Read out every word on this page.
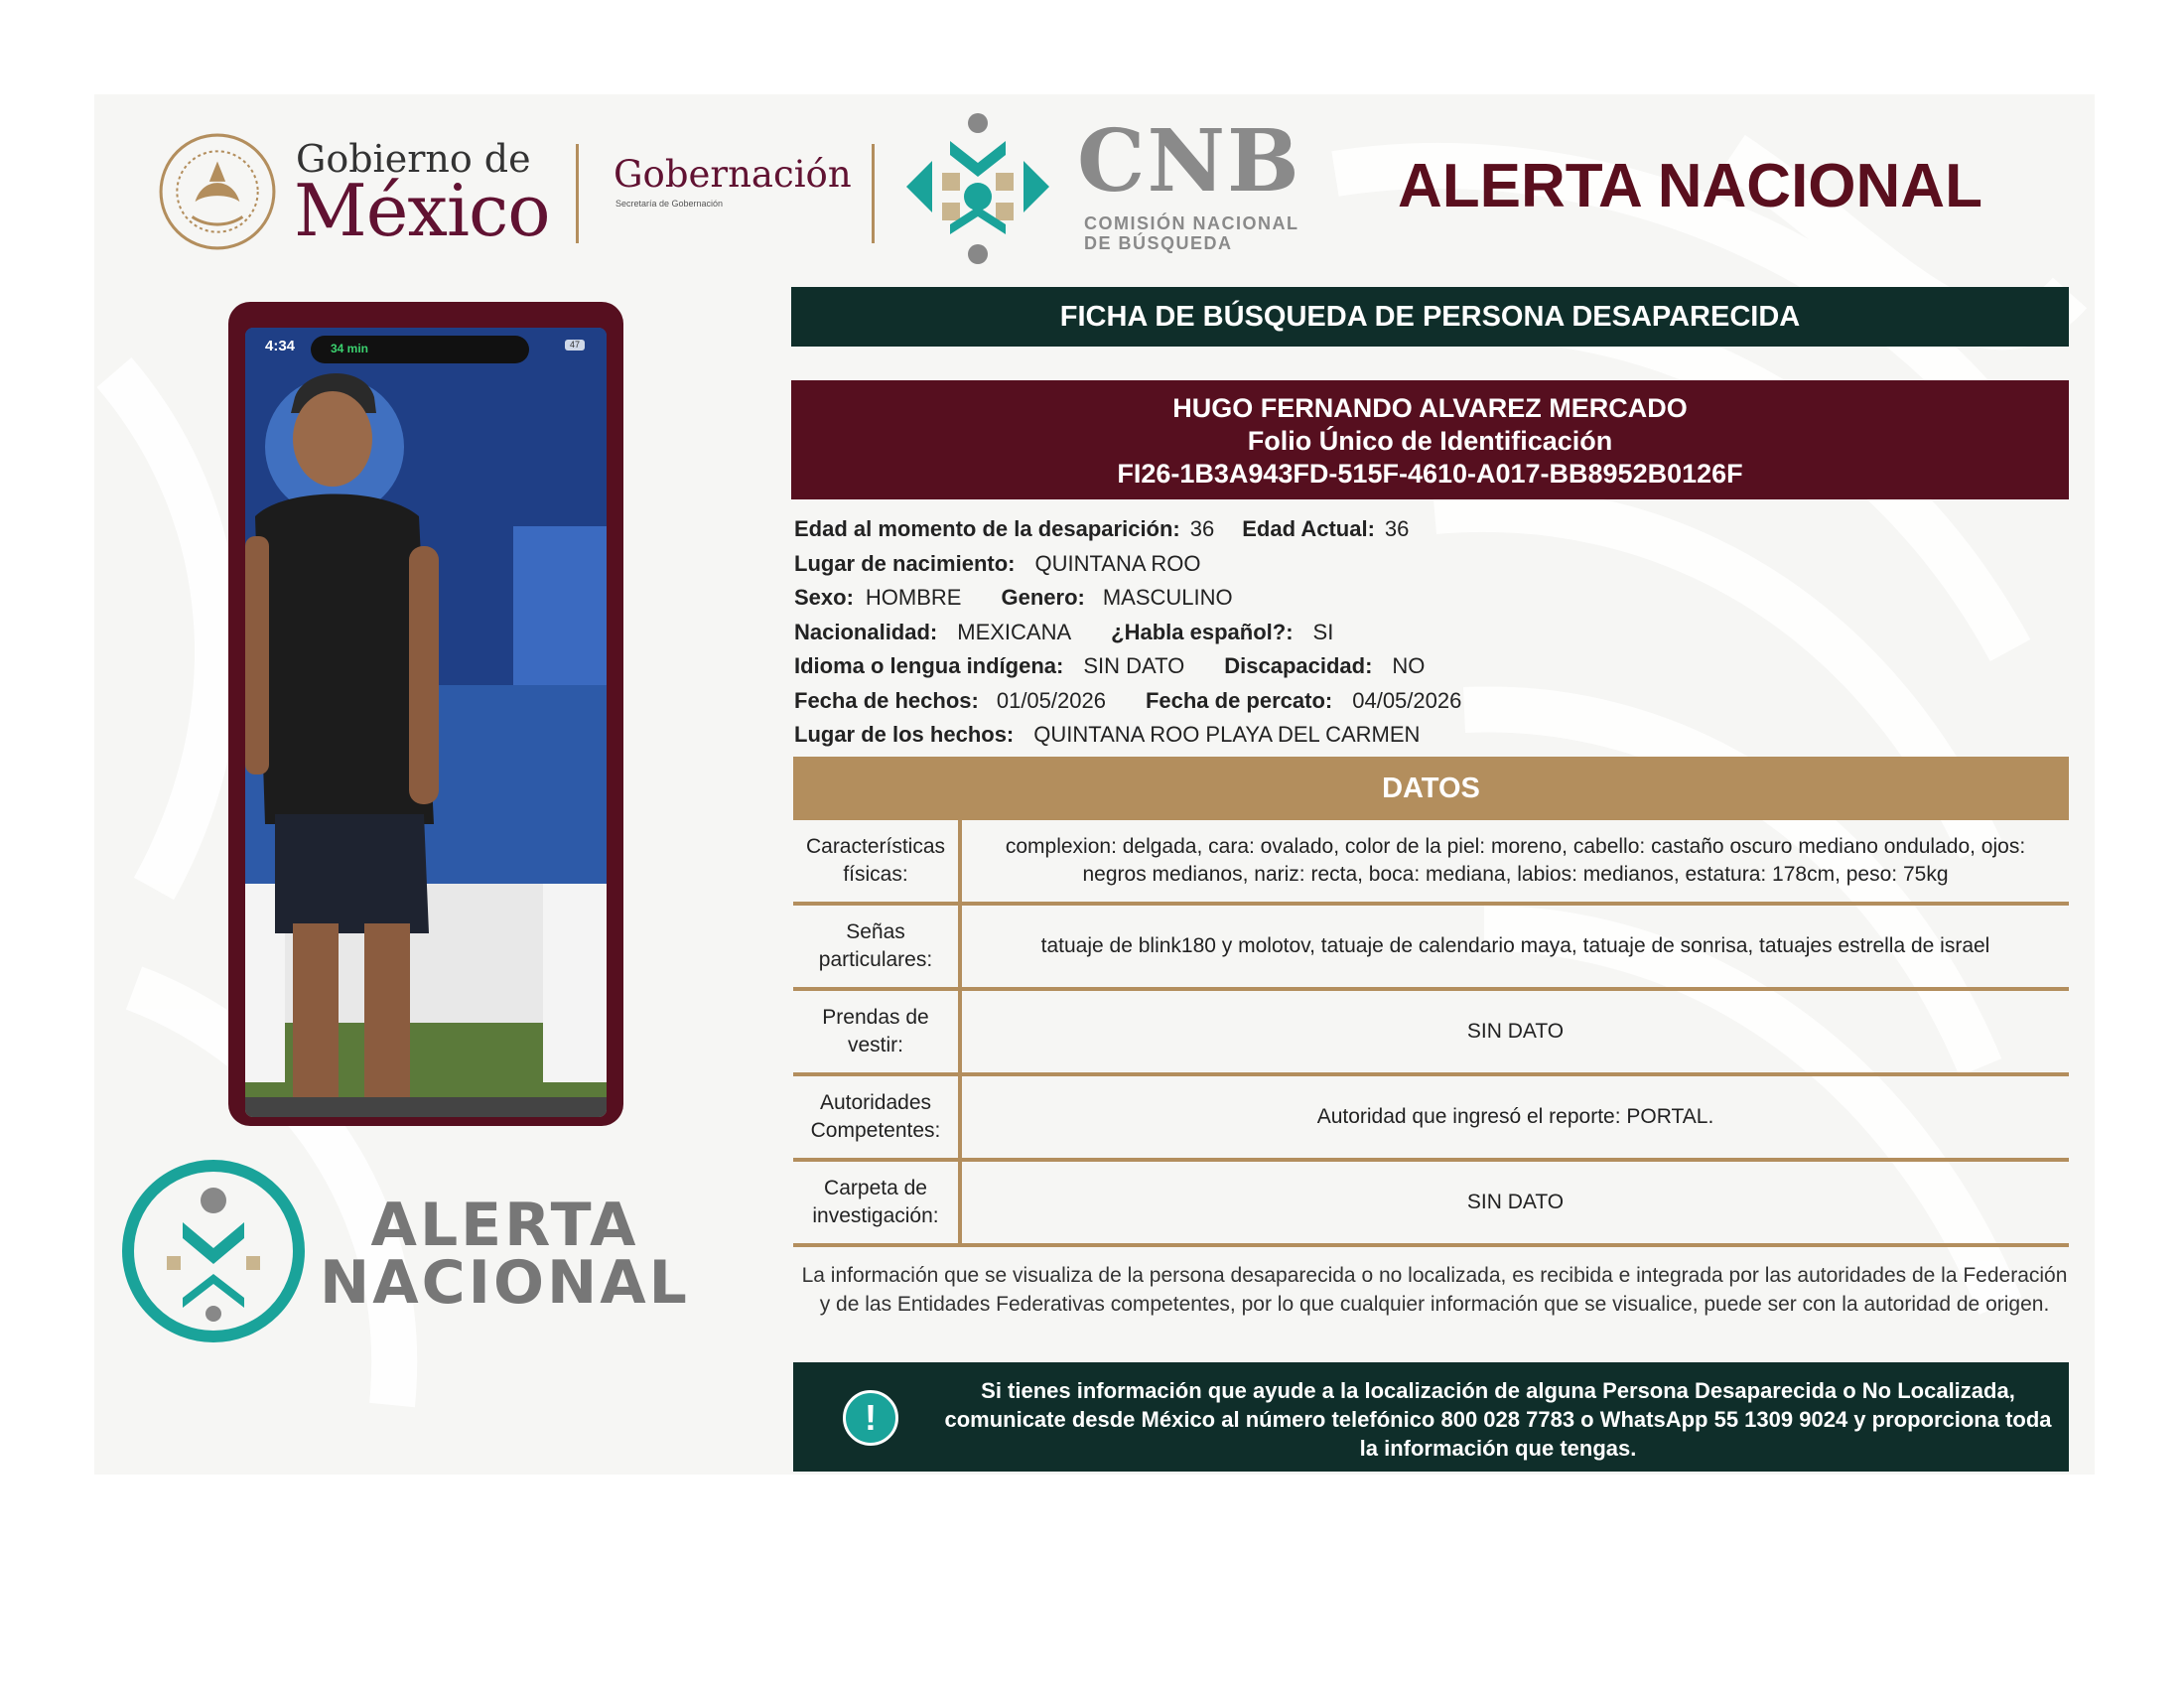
Gobierno de
México Gobernación
Secretaría de Gobernación	CNB
COMISIÓN NACIONAL
DE BÚSQUEDA
ALERTA NACIONAL
4:34	34 min	47
FICHA DE BÚSQUEDA DE PERSONA DESAPARECIDA
HUGO FERNANDO ALVAREZ MERCADO
Folio Único de Identificación
FI26-1B3A943FD-515F-4610-A017-BB8952B0126F
Edad al momento de la desaparición: 36 Edad Actual: 36
Lugar de nacimiento: QUINTANA ROO
Sexo: HOMBRE Genero: MASCULINO
Nacionalidad: MEXICANA ¿Habla español?: SI
Idioma o lengua indígena: SIN DATO Discapacidad: NO
Fecha de hechos: 01/05/2026 Fecha de percato: 04/05/2026
Lugar de los hechos: QUINTANA ROO PLAYA DEL CARMEN
DATOS
Características físicas:
complexion: delgada, cara: ovalado, color de la piel: moreno, cabello: castaño oscuro mediano ondulado, ojos: negros medianos, nariz: recta, boca: mediana, labios: medianos, estatura: 178cm, peso: 75kg
Señas particulares:
tatuaje de blink180 y molotov, tatuaje de calendario maya, tatuaje de sonrisa, tatuajes estrella de israel
Prendas de vestir:
SIN DATO
Autoridades Competentes:
Autoridad que ingresó el reporte: PORTAL.
Carpeta de investigación:
SIN DATO
La información que se visualiza de la persona desaparecida o no localizada, es recibida e integrada por las autoridades de la Federación y de las Entidades Federativas competentes, por lo que cualquier información que se visualice, puede ser con la autoridad de origen.
!
Si tienes información que ayude a la localización de alguna Persona Desaparecida o No Localizada, comunicate desde México al número telefónico 800 028 7783 o WhatsApp 55 1309 9024 y proporciona toda la información que tengas.
ALERTA
NACIONAL
